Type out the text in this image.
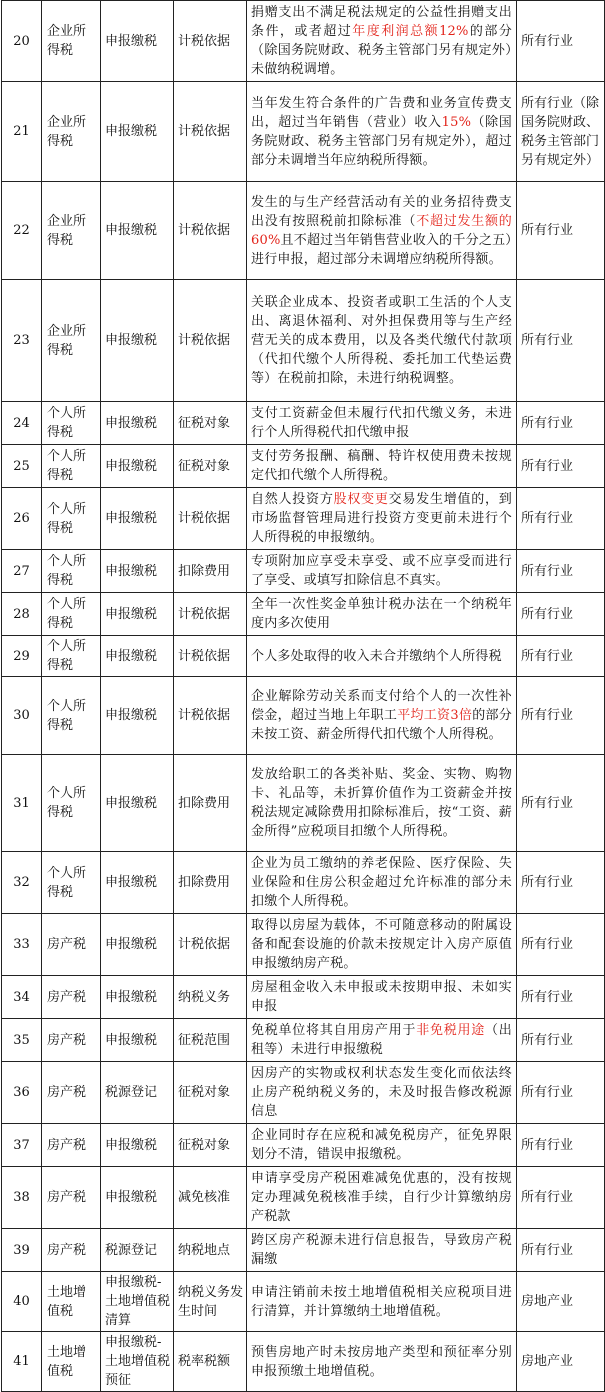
20	企业所得税	申报缴税	计税依据	捐赠支出不满足税法规定的公益性捐赠支出条件，或者超过年度利润总额12%的部分（除国务院财政、税务主管部门另有规定外）未做纳税调增。	所有行业
21	企业所得税	申报缴税	计税依据	当年发生符合条件的广告费和业务宣传费支出，超过当年销售（营业）收入15%（除国务院财政、税务主管部门另有规定外），超过部分未调增当年应纳税所得额。	所有行业（除国务院财政、税务主管部门另有规定外）
22	企业所得税	申报缴税	计税依据	发生的与生产经营活动有关的业务招待费支出没有按照税前扣除标准（不超过发生额的60%且不超过当年销售营业收入的千分之五）进行申报，超过部分未调增应纳税所得额。	所有行业
23	企业所得税	申报缴税	计税依据	关联企业成本、投资者或职工生活的个人支出、离退休福利、对外担保费用等与生产经营无关的成本费用，以及各类代缴代付款项（代扣代缴个人所得税、委托加工代垫运费等）在税前扣除，未进行纳税调整。	所有行业
24	个人所得税	申报缴税	征税对象	支付工资薪金但未履行代扣代缴义务，未进行个人所得税代扣代缴申报	所有行业
25	个人所得税	申报缴税	征税对象	支付劳务报酬、稿酬、特许权使用费未按规定代扣代缴个人所得税。	所有行业
26	个人所得税	申报缴税	计税依据	自然人投资方股权变更交易发生增值的，到市场监督管理局进行投资方变更前未进行个人所得税的申报缴纳。	所有行业
27	个人所得税	申报缴税	扣除费用	专项附加应享受未享受、或不应享受而进行了享受、或填写扣除信息不真实。	所有行业
28	个人所得税	申报缴税	计税依据	全年一次性奖金单独计税办法在一个纳税年度内多次使用	所有行业
29	个人所得税	申报缴税	计税依据	个人多处取得的收入未合并缴纳个人所得税	所有行业
30	个人所得税	申报缴税	计税依据	企业解除劳动关系而支付给个人的一次性补偿金，超过当地上年职工平均工资3倍的部分未按工资、薪金所得代扣代缴个人所得税。	所有行业
31	个人所得税	申报缴税	扣除费用	发放给职工的各类补贴、奖金、实物、购物卡、礼品等，未折算价值作为工资薪金并按税法规定减除费用扣除标准后，按“工资、薪金所得”应税项目扣缴个人所得税。	所有行业
32	个人所得税	申报缴税	扣除费用	企业为员工缴纳的养老保险、医疗保险、失业保险和住房公积金超过允许标准的部分未扣缴个人所得税。	所有行业
33	房产税	申报缴税	计税依据	取得以房屋为载体，不可随意移动的附属设备和配套设施的价款未按规定计入房产原值申报缴纳房产税。	所有行业
34	房产税	申报缴税	纳税义务	房屋租金收入未申报或未按期申报、未如实申报	所有行业
35	房产税	申报缴税	征税范围	免税单位将其自用房产用于非免税用途（出租等）未进行申报缴税	所有行业
36	房产税	税源登记	征税对象	因房产的实物或权利状态发生变化而依法终止房产税纳税义务的，未及时报告修改税源信息	所有行业
37	房产税	申报缴税	征税对象	企业同时存在应税和减免税房产，征免界限划分不清，错误申报缴税。	所有行业
38	房产税	申报缴税	减免核准	申请享受房产税困难减免优惠的，没有按规定办理减免税核准手续，自行少计算缴纳房产税款	所有行业
39	房产税	税源登记	纳税地点	跨区房产税源未进行信息报告，导致房产税漏缴	所有行业
40	土地增值税	申报缴税-土地增值税清算	纳税义务发生时间	申请注销前未按土地增值税相关应税项目进行清算，并计算缴纳土地增值税。	房地产业
41	土地增值税	申报缴税-土地增值税预征	税率税额	预售房地产时未按房地产类型和预征率分别申报预缴土地增值税。	房地产业
